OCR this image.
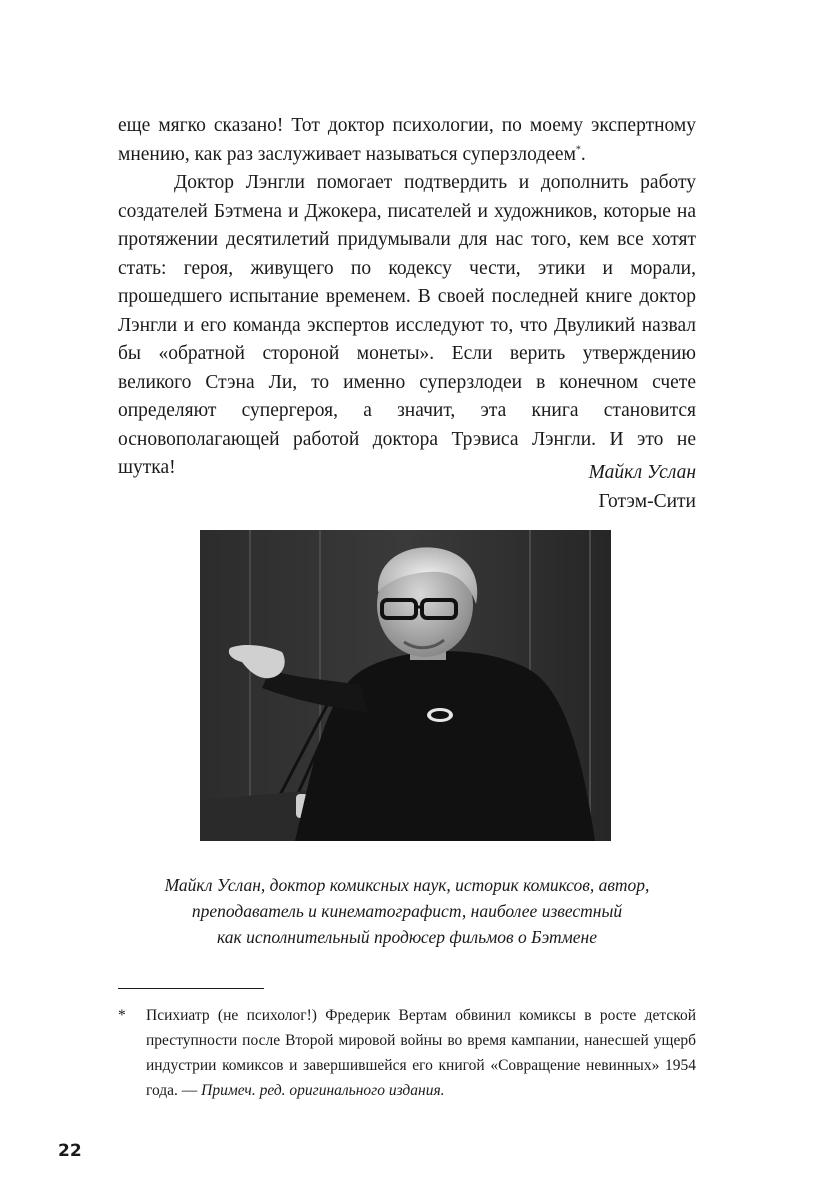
еще мягко сказано! Тот доктор психологии, по моему экспертному мнению, как раз заслуживает называться суперзлодеем*.

Доктор Лэнгли помогает подтвердить и дополнить работу создателей Бэтмена и Джокера, писателей и художников, которые на протяжении десятилетий придумывали для нас того, кем все хотят стать: героя, живущего по кодексу чести, этики и морали, прошедшего испытание временем. В своей последней книге доктор Лэнгли и его команда экспертов исследуют то, что Двуликий назвал бы «обратной стороной монеты». Если верить утверждению великого Стэна Ли, то именно суперзлодеи в конечном счете определяют супергероя, а значит, эта книга становится основополагающей работой доктора Трэвиса Лэнгли. И это не шутка!	Майкл Услан
Готэм-Сити
Майкл Услан, доктор комиксных наук, историк комиксов, автор,
преподаватель и кинематографист, наиболее известный
как исполнительный продюсер фильмов о Бэтмене
* Психиатр (не психолог!) Фредерик Вертам обвинил комиксы в росте детской преступности после Второй мировой войны во время кампании, нанесшей ущерб индустрии комиксов и завершившейся его книгой «Совращение невинных» 1954 года. — Примеч. ред. оригинального издания.
22
